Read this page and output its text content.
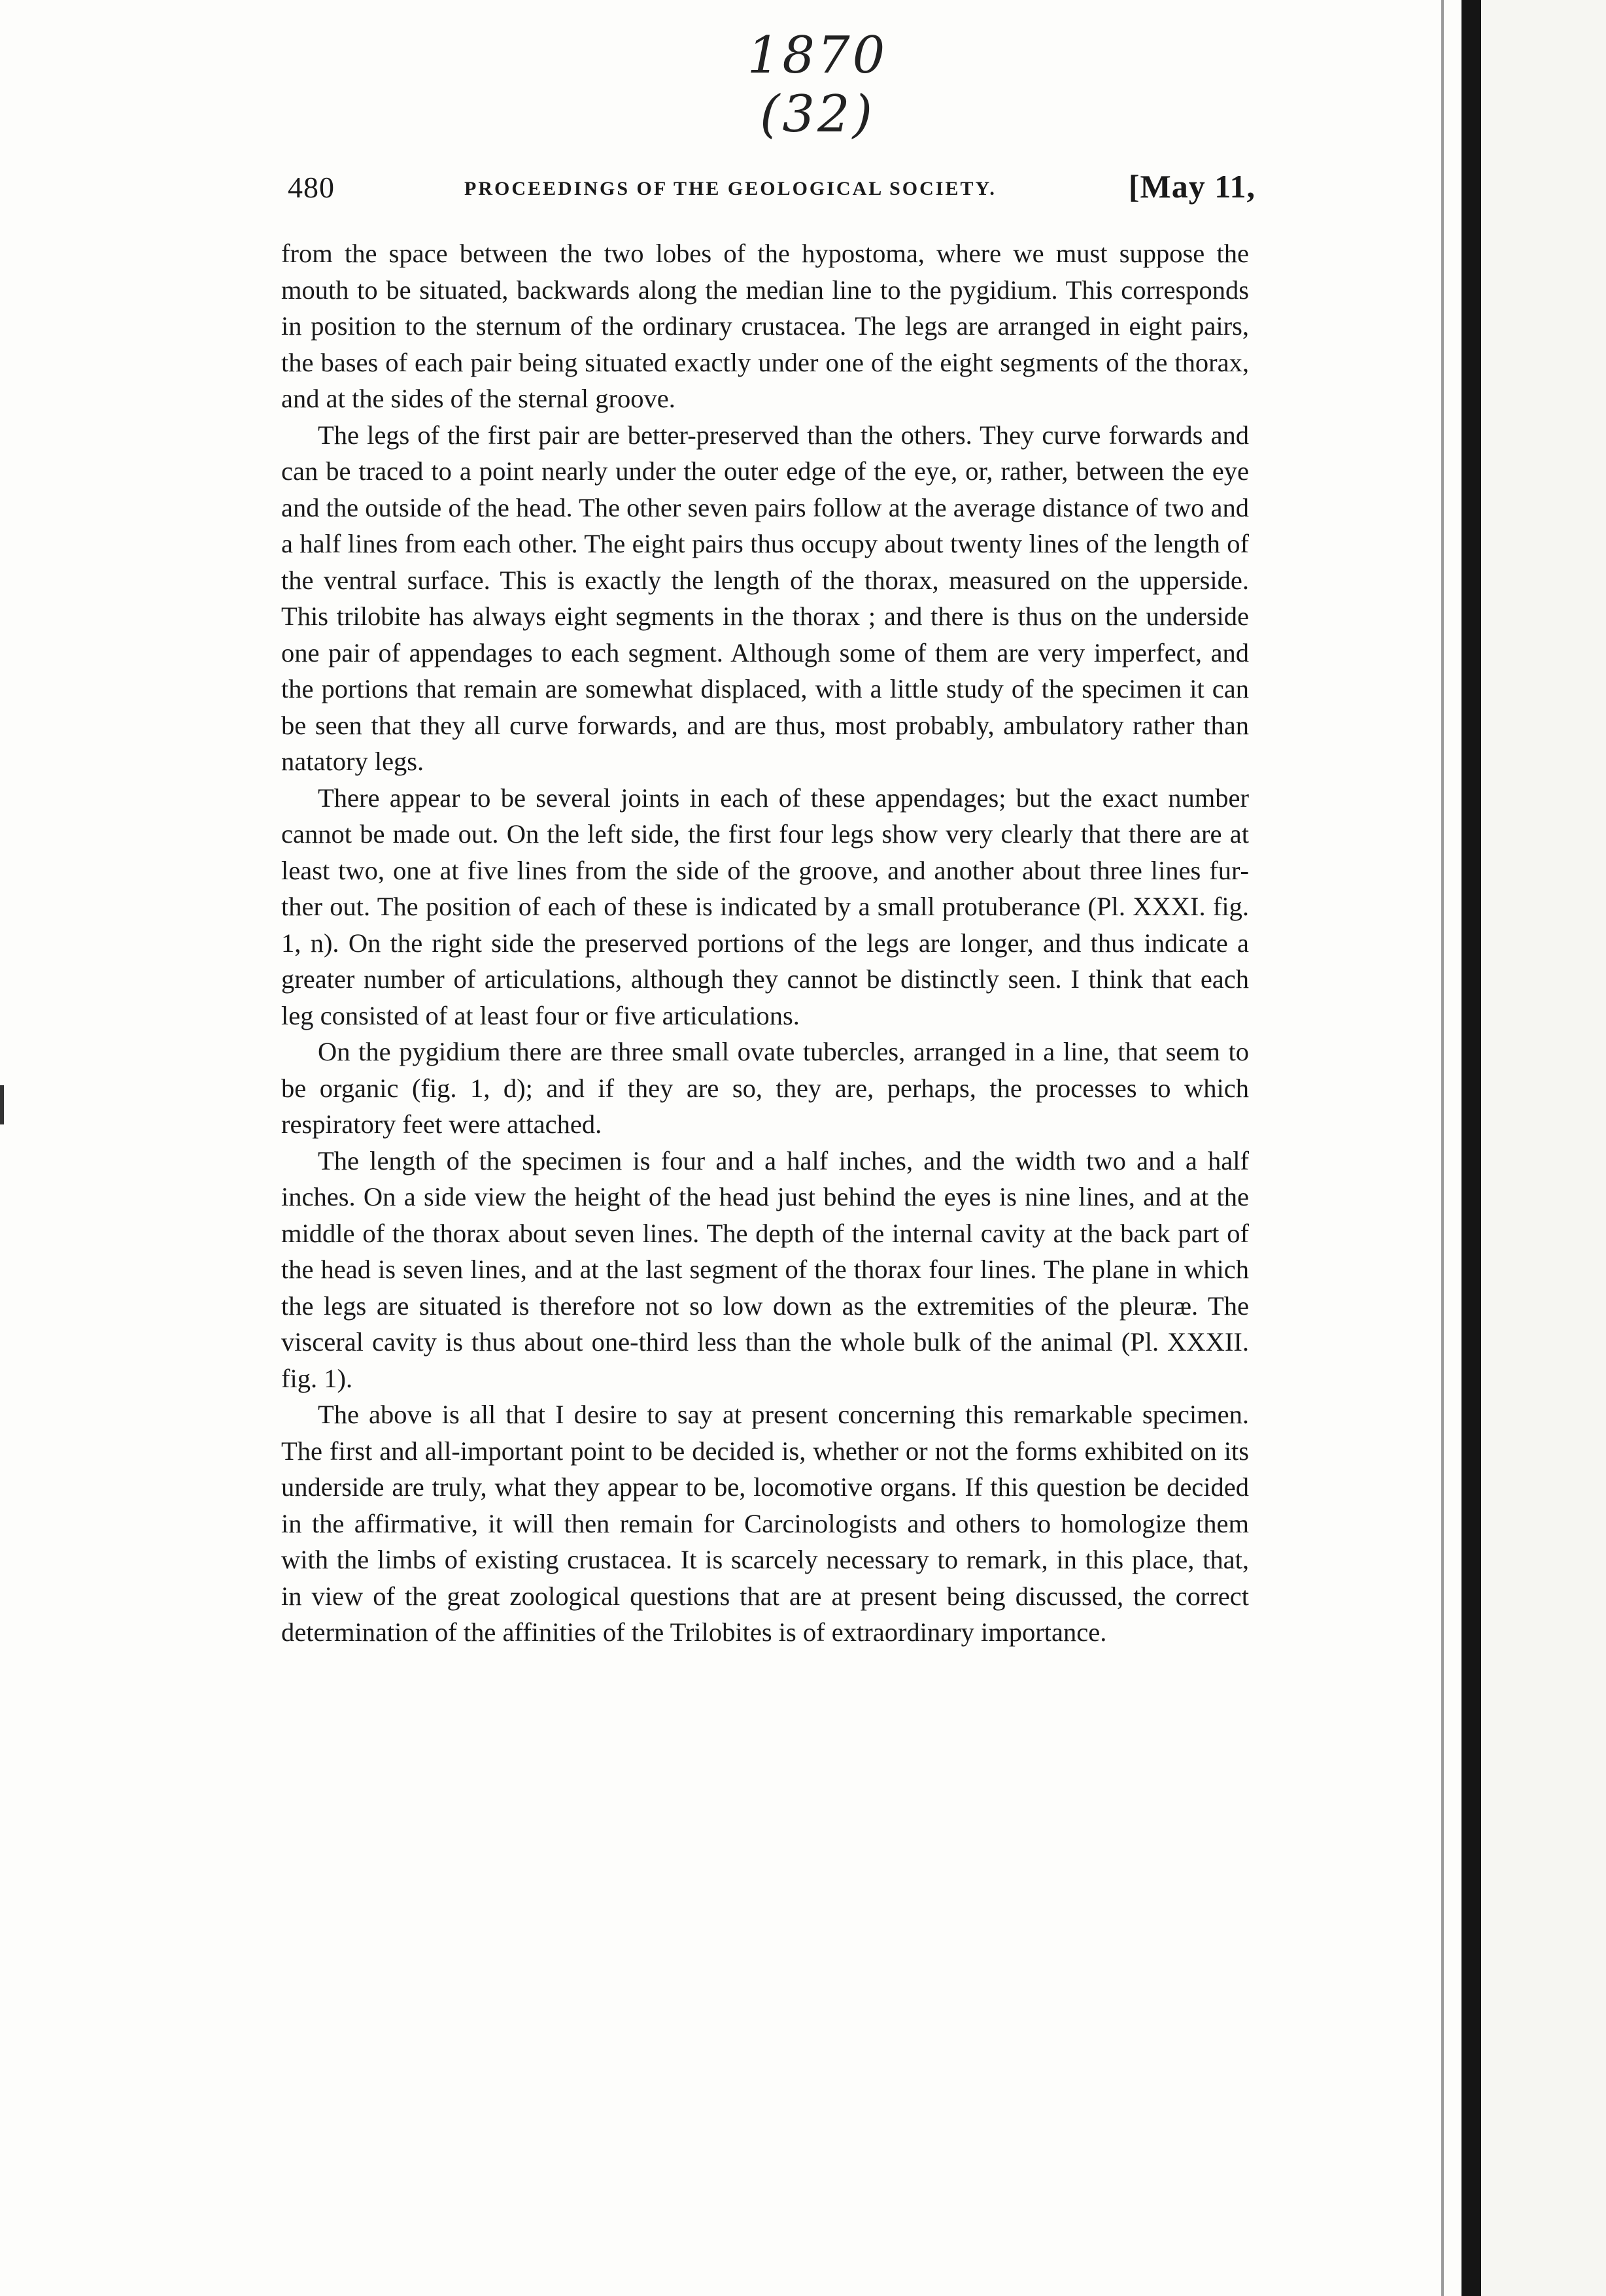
1870
(32)
480	PROCEEDINGS OF THE GEOLOGICAL SOCIETY.	[May 11,

from the space between the two lobes of the hypostoma, where we must suppose the mouth to be situated, backwards along the median line to the pygidium. This corresponds in position to the sternum of the ordinary crustacea. The legs are arranged in eight pairs, the bases of each pair being situated exactly under one of the eight segments of the thorax, and at the sides of the sternal groove.

The legs of the first pair are better-preserved than the others. They curve forwards and can be traced to a point nearly under the outer edge of the eye, or, rather, between the eye and the outside of the head. The other seven pairs follow at the average distance of two and a half lines from each other. The eight pairs thus occupy about twenty lines of the length of the ventral surface. This is exactly the length of the thorax, measured on the upperside. This trilobite has always eight segments in the thorax ; and there is thus on the underside one pair of appendages to each segment. Although some of them are very imperfect, and the portions that remain are somewhat displaced, with a little study of the specimen it can be seen that they all curve forwards, and are thus, most probably, ambulatory rather than natatory legs.

There appear to be several joints in each of these appendages; but the exact number cannot be made out. On the left side, the first four legs show very clearly that there are at least two, one at five lines from the side of the groove, and another about three lines further out. The position of each of these is indicated by a small protuberance (Pl. XXXI. fig. 1, n). On the right side the preserved portions of the legs are longer, and thus indicate a greater number of articulations, although they cannot be distinctly seen. I think that each leg consisted of at least four or five articulations.

On the pygidium there are three small ovate tubercles, arranged in a line, that seem to be organic (fig. 1, d); and if they are so, they are, perhaps, the processes to which respiratory feet were attached.

The length of the specimen is four and a half inches, and the width two and a half inches. On a side view the height of the head just behind the eyes is nine lines, and at the middle of the thorax about seven lines. The depth of the internal cavity at the back part of the head is seven lines, and at the last segment of the thorax four lines. The plane in which the legs are situated is therefore not so low down as the extremities of the pleuræ. The visceral cavity is thus about one-third less than the whole bulk of the animal (Pl. XXXII. fig. 1).

The above is all that I desire to say at present concerning this remarkable specimen. The first and all-important point to be decided is, whether or not the forms exhibited on its underside are truly, what they appear to be, locomotive organs. If this question be decided in the affirmative, it will then remain for Carcinologists and others to homologize them with the limbs of existing crustacea. It is scarcely necessary to remark, in this place, that, in view of the great zoological questions that are at present being discussed, the correct determination of the affinities of the Trilobites is of extraordinary importance.
